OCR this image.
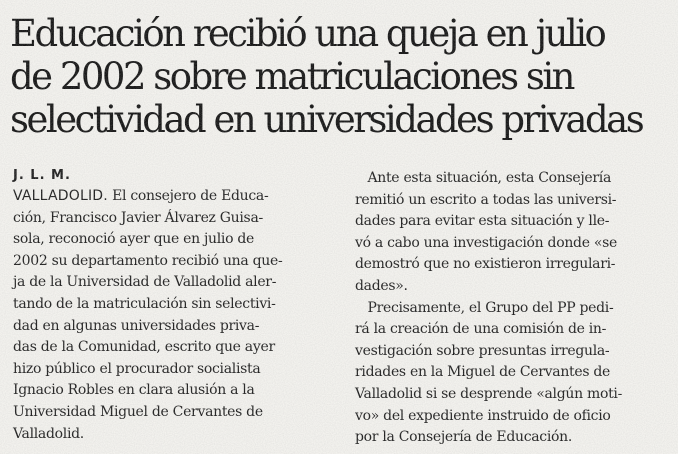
Educación recibió una queja en julio
de 2002 sobre matriculaciones sin
selectividad en universidades privadas
J. L. M.
VALLADOLID. El consejero de Educa-
ción, Francisco Javier Álvarez Guisa-
sola, reconoció ayer que en julio de
2002 su departamento recibió una que-
ja de la Universidad de Valladolid aler-
tando de la matriculación sin selectivi-
dad en algunas universidades priva-
das de la Comunidad, escrito que ayer
hizo público el procurador socialista
Ignacio Robles en clara alusión a la
Universidad Miguel de Cervantes de
Valladolid.
Ante esta situación, esta Consejería
remitió un escrito a todas las universi-
dades para evitar esta situación y lle-
vó a cabo una investigación donde «se
demostró que no existieron irregulari-
dades».
Precisamente, el Grupo del PP pedi-
rá la creación de una comisión de in-
vestigación sobre presuntas irregula-
ridades en la Miguel de Cervantes de
Valladolid si se desprende «algún moti-
vo» del expediente instruido de oficio
por la Consejería de Educación.
